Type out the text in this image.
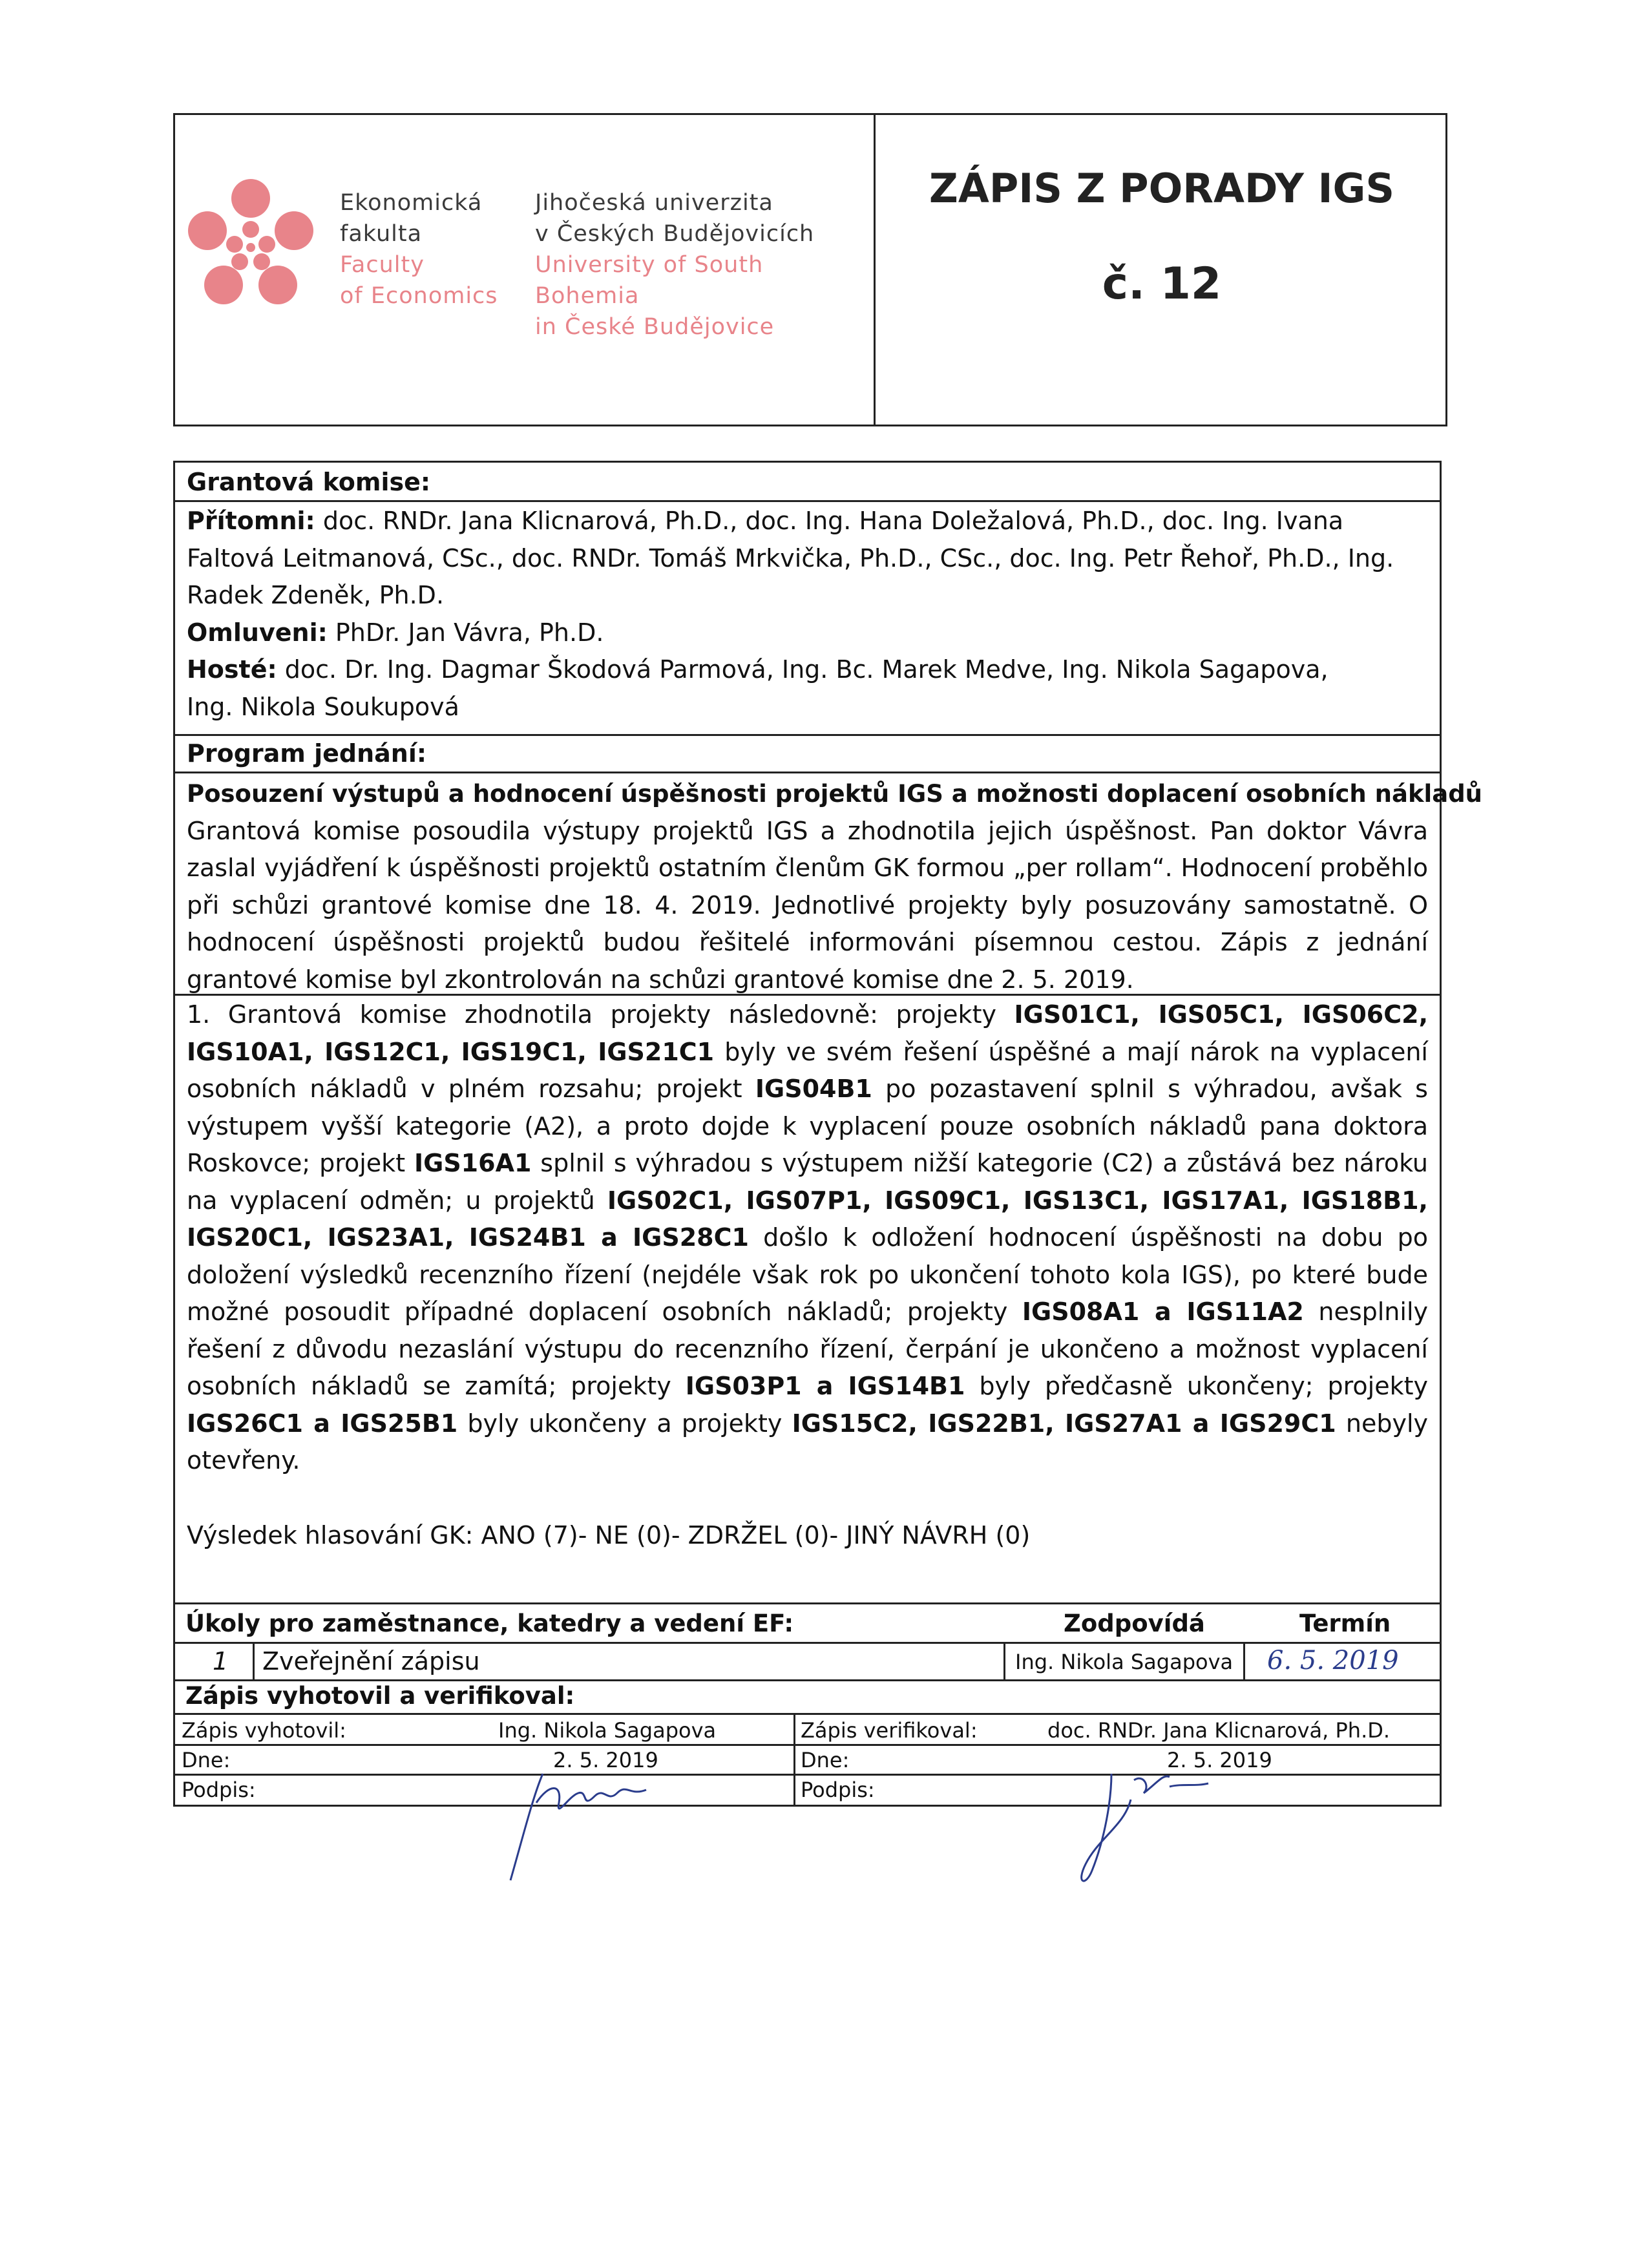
Ekonomická
fakulta
Faculty
of Economics
Jihočeská univerzita
v Českých Budějovicích
University of South Bohemia
in České Budějovice
ZÁPIS Z PORADY IGS
č. 12
Grantová komise:
Přítomni: doc. RNDr. Jana Klicnarová, Ph.D., doc. Ing. Hana Doležalová, Ph.D., doc. Ing. Ivana
Faltová Leitmanová, CSc., doc. RNDr. Tomáš Mrkvička, Ph.D., CSc., doc. Ing. Petr Řehoř, Ph.D., Ing.
Radek Zdeněk, Ph.D.
Omluveni: PhDr. Jan Vávra, Ph.D.
Hosté: doc. Dr. Ing. Dagmar Škodová Parmová, Ing. Bc. Marek Medve, Ing. Nikola Sagapova,
Ing. Nikola Soukupová
Program jednání:
Posouzení výstupů a hodnocení úspěšnosti projektů IGS a možnosti doplacení osobních nákladů
Grantová komise posoudila výstupy projektů IGS a zhodnotila jejich úspěšnost. Pan doktor Vávra zaslal vyjádření k úspěšnosti projektů ostatním členům GK formou „per rollam“. Hodnocení proběhlo při schůzi grantové komise dne 18. 4. 2019. Jednotlivé projekty byly posuzovány samostatně. O hodnocení úspěšnosti projektů budou řešitelé informováni písemnou cestou. Zápis z jednání grantové komise byl zkontrolován na schůzi grantové komise dne 2. 5. 2019.
1. Grantová komise zhodnotila projekty následovně: projekty IGS01C1, IGS05C1, IGS06C2, IGS10A1, IGS12C1, IGS19C1, IGS21C1 byly ve svém řešení úspěšné a mají nárok na vyplacení osobních nákladů v plném rozsahu; projekt IGS04B1 po pozastavení splnil s výhradou, avšak s výstupem vyšší kategorie (A2), a proto dojde k vyplacení pouze osobních nákladů pana doktora Roskovce; projekt IGS16A1 splnil s výhradou s výstupem nižší kategorie (C2) a zůstává bez nároku na vyplacení odměn; u projektů IGS02C1, IGS07P1, IGS09C1, IGS13C1, IGS17A1, IGS18B1, IGS20C1, IGS23A1, IGS24B1 a IGS28C1 došlo k odložení hodnocení úspěšnosti na dobu po doložení výsledků recenzního řízení (nejdéle však rok po ukončení tohoto kola IGS), po které bude možné posoudit případné doplacení osobních nákladů; projekty IGS08A1 a IGS11A2 nesplnily řešení z důvodu nezaslání výstupu do recenzního řízení, čerpání je ukončeno a možnost vyplacení osobních nákladů se zamítá; projekty IGS03P1 a IGS14B1 byly předčasně ukončeny; projekty IGS26C1 a IGS25B1 byly ukončeny a projekty IGS15C2, IGS22B1, IGS27A1 a IGS29C1 nebyly otevřeny.
Výsledek hlasování GK: ANO (7)- NE (0)- ZDRŽEL (0)- JINÝ NÁVRH (0)
Úkoly pro zaměstnance, katedry a vedení EF:	Zodpovídá	Termín
1 Zveřejnění zápisu	Ing. Nikola Sagapova 6. 5. 2019
Zápis vyhotovil a verifikoval:
Zápis vyhotovil:	Ing. Nikola Sagapova	Zápis verifikoval:	doc. RNDr. Jana Klicnarová, Ph.D.
Dne:	2. 5. 2019	Dne:	2. 5. 2019
Podpis:	Podpis:
